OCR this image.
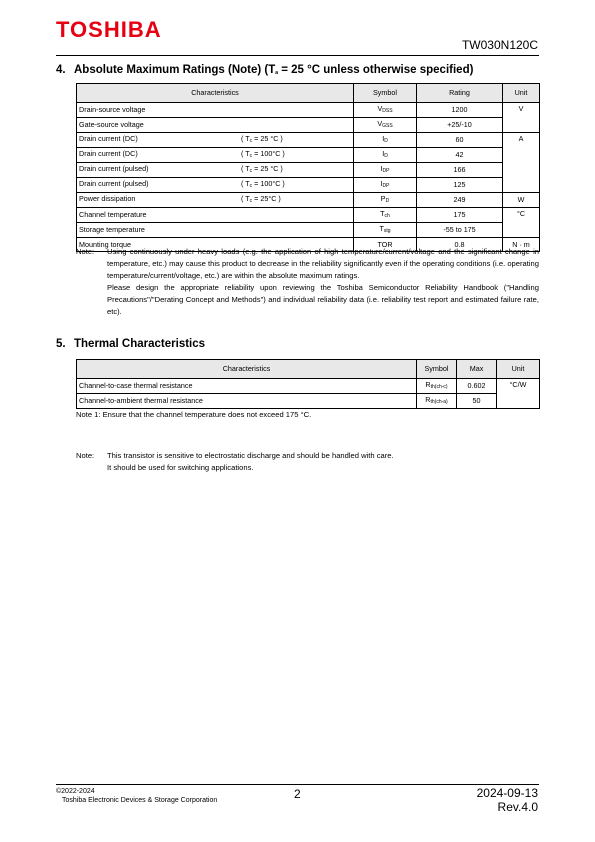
TOSHIBA
TW030N120C
4. Absolute Maximum Ratings (Note) ($T_a = 25$ °C unless otherwise specified)
Characteristics	Symbol	Rating	Unit
Drain-source voltage	$V_{DSS}$	1200	V
Gate-source voltage	$V_{GSS}$	+25/-10	
Drain current (DC) ( $T_c = 25$ °C )	$I_D$	60	A
Drain current (DC) ( $T_c = 100^\circ C$ )	$I_D$	42	
Drain current (pulsed) ( $T_c = 25$ °C )	$I_{DP}$	166	
Drain current (pulsed) ( $T_c = 100^\circ C$ )	$I_{DP}$	125	
Power dissipation ( $T_c = 25^\circ C$ )	$P_D$	249	W
Channel temperature	$T_{ch}$	175	°C
Storage temperature	$T_{stg}$	-55 to 175	
Mounting torque	TOR	0.8	N · m
Note:	Using continuously under heavy loads (e.g. the application of high temperature/current/voltage and the significant change in temperature, etc.) may cause this product to decrease in the reliability significantly even if the operating conditions (i.e. operating temperature/current/voltage, etc.) are within the absolute maximum ratings.
Please design the appropriate reliability upon reviewing the Toshiba Semiconductor Reliability Handbook ("Handling Precautions"/"Derating Concept and Methods") and individual reliability data (i.e. reliability test report and estimated failure rate, etc).
5. Thermal Characteristics
Characteristics	Symbol	Max	Unit
Channel-to-case thermal resistance	$R_{th(ch-c)}$	0.602	°C/W
Channel-to-ambient thermal resistance	$R_{th(ch-a)}$	50	
Note 1: Ensure that the channel temperature does not exceed 175 °C.
Note:	This transistor is sensitive to electrostatic discharge and should be handled with care.
It should be used for switching applications.
©2022-2024
Toshiba Electronic Devices & Storage Corporation	2	2024-09-13
Rev.4.0
